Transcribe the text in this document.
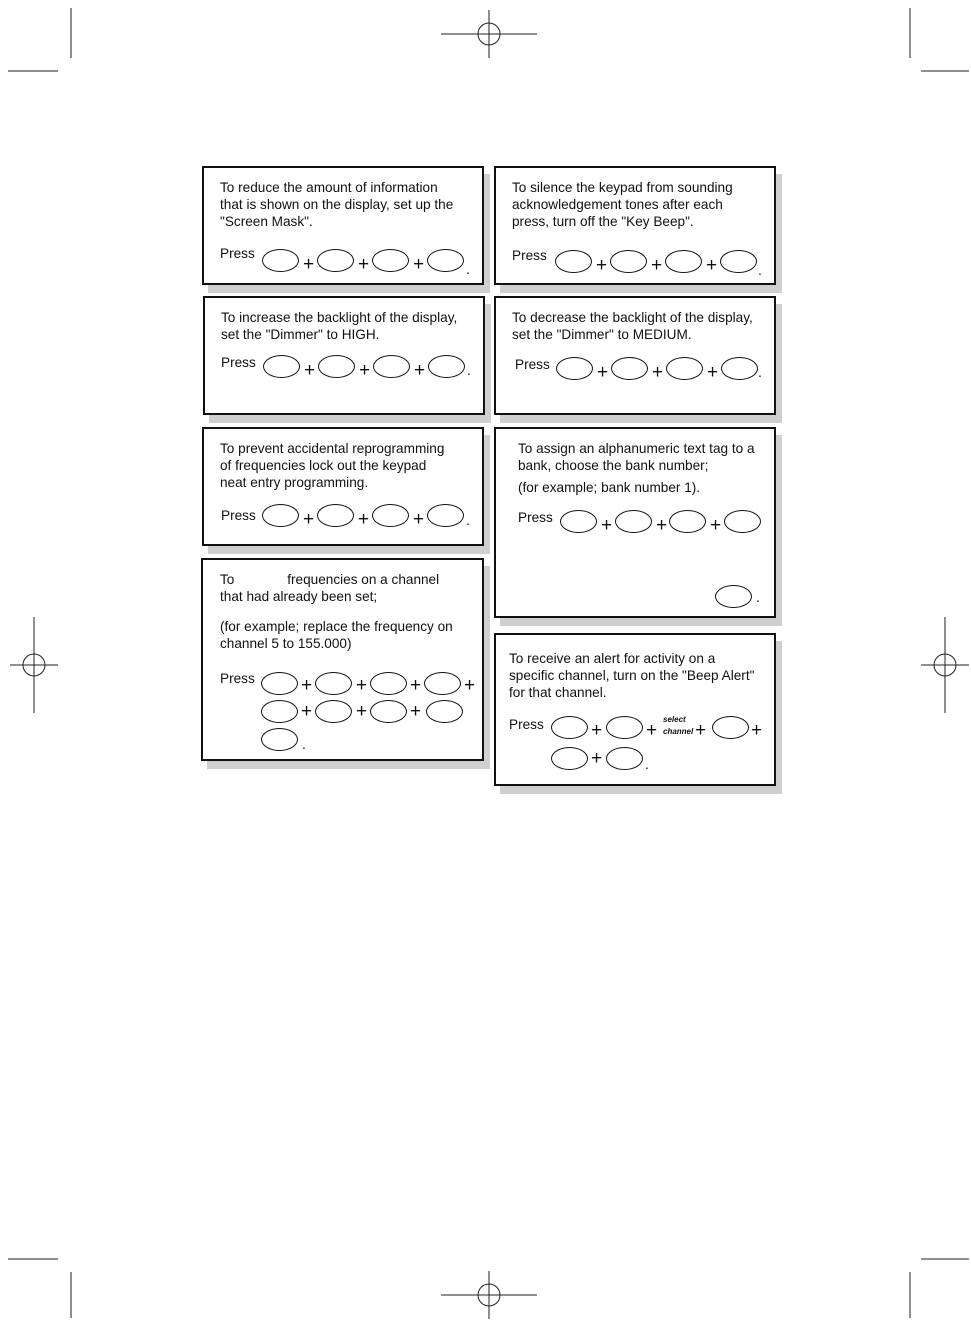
To reduce the amount of information

that is shown on the display, set up the

"Screen Mask".

Press
+ + +	.

To silence the keypad from sounding

acknowledgement tones after each

press, turn off the "Key Beep".

Press	+ + +	.

To increase the backlight of the display,

set the "Dimmer" to HIGH.

Press	+ + +	.

To decrease the backlight of the display,

set the "Dimmer" to MEDIUM.

Press + + +	.

To prevent accidental reprogramming

of frequencies lock out the keypad

neat entry programming.

Press + + +	.

To assign an alphanumeric text tag to a

bank, choose the bank number;

(for example; bank number 1).

Press	+ + +
.

To              frequencies on a channel

that had already been set;

(for example; replace the frequency on

channel 5 to 155.000)

Press + + + +
+ + +
.

To receive an alert for activity on a

specific channel, turn on the "Beep Alert"

for that channel.

Press + +
select
channel + +
+	.
